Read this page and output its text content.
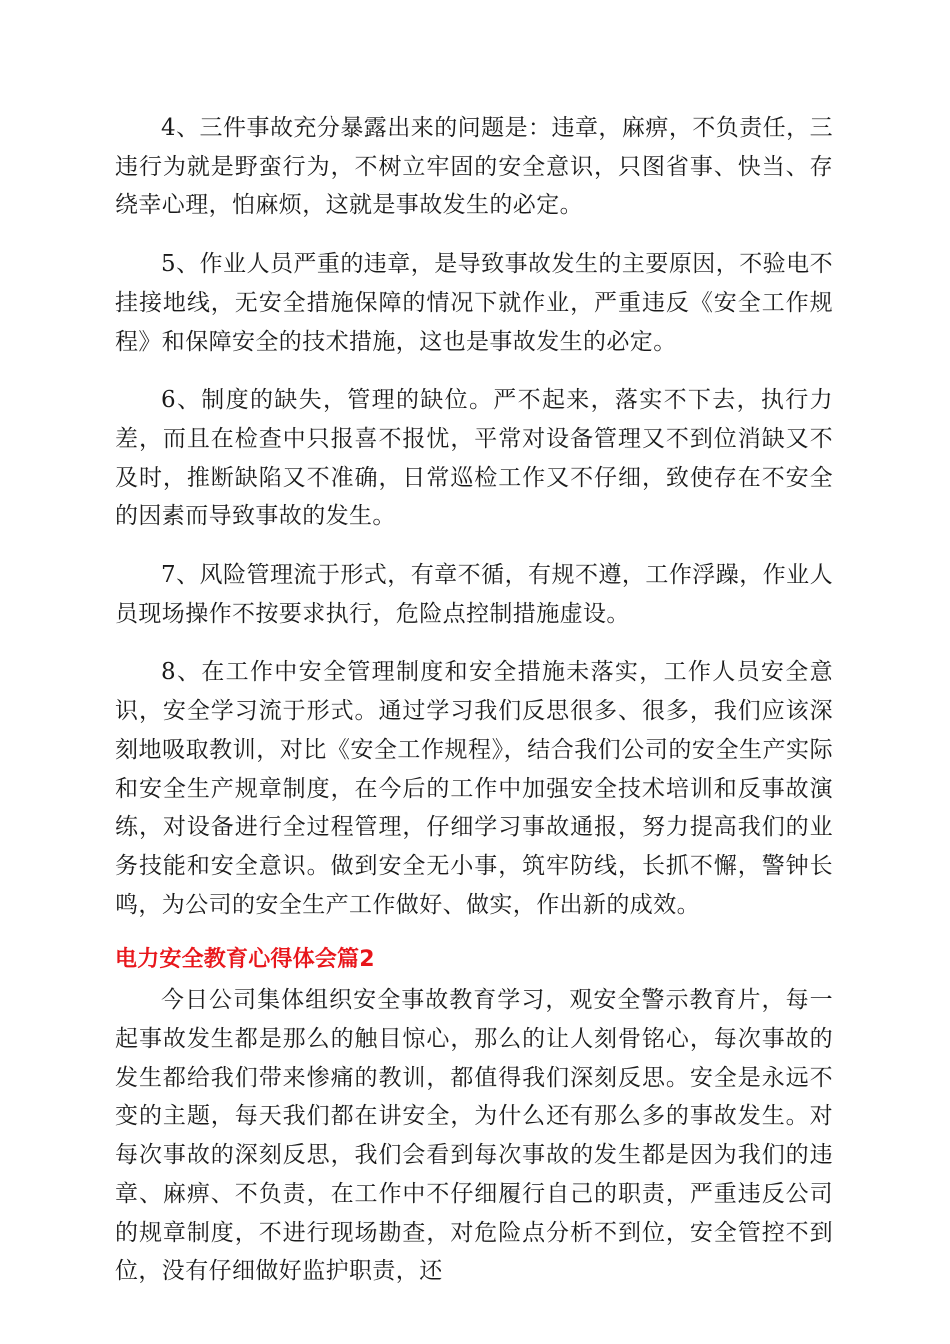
4、三件事故充分暴露出来的问题是：违章，麻痹，不负责任，三违行为就是野蛮行为，不树立牢固的安全意识，只图省事、快当、存绕幸心理，怕麻烦，这就是事故发生的必定。

5、作业人员严重的违章，是导致事故发生的主要原因，不验电不挂接地线，无安全措施保障的情况下就作业，严重违反《安全工作规程》和保障安全的技术措施，这也是事故发生的必定。

6、制度的缺失，管理的缺位。严不起来，落实不下去，执行力差，而且在检查中只报喜不报忧，平常对设备管理又不到位消缺又不及时，推断缺陷又不准确，日常巡检工作又不仔细，致使存在不安全的因素而导致事故的发生。

7、风险管理流于形式，有章不循，有规不遵，工作浮躁，作业人员现场操作不按要求执行，危险点控制措施虚设。

8、在工作中安全管理制度和安全措施未落实，工作人员安全意识，安全学习流于形式。通过学习我们反思很多、很多，我们应该深刻地吸取教训，对比《安全工作规程》，结合我们公司的安全生产实际和安全生产规章制度，在今后的工作中加强安全技术培训和反事故演练，对设备进行全过程管理，仔细学习事故通报，努力提高我们的业务技能和安全意识。做到安全无小事，筑牢防线，长抓不懈，警钟长鸣，为公司的安全生产工作做好、做实，作出新的成效。

电力安全教育心得体会篇2

今日公司集体组织安全事故教育学习，观安全警示教育片，每一起事故发生都是那么的触目惊心，那么的让人刻骨铭心，每次事故的发生都给我们带来惨痛的教训，都值得我们深刻反思。安全是永远不变的主题，每天我们都在讲安全，为什么还有那么多的事故发生。对每次事故的深刻反思，我们会看到每次事故的发生都是因为我们的违章、麻痹、不负责，在工作中不仔细履行自己的职责，严重违反公司的规章制度，不进行现场勘查，对危险点分析不到位，安全管控不到位，没有仔细做好监护职责，还
